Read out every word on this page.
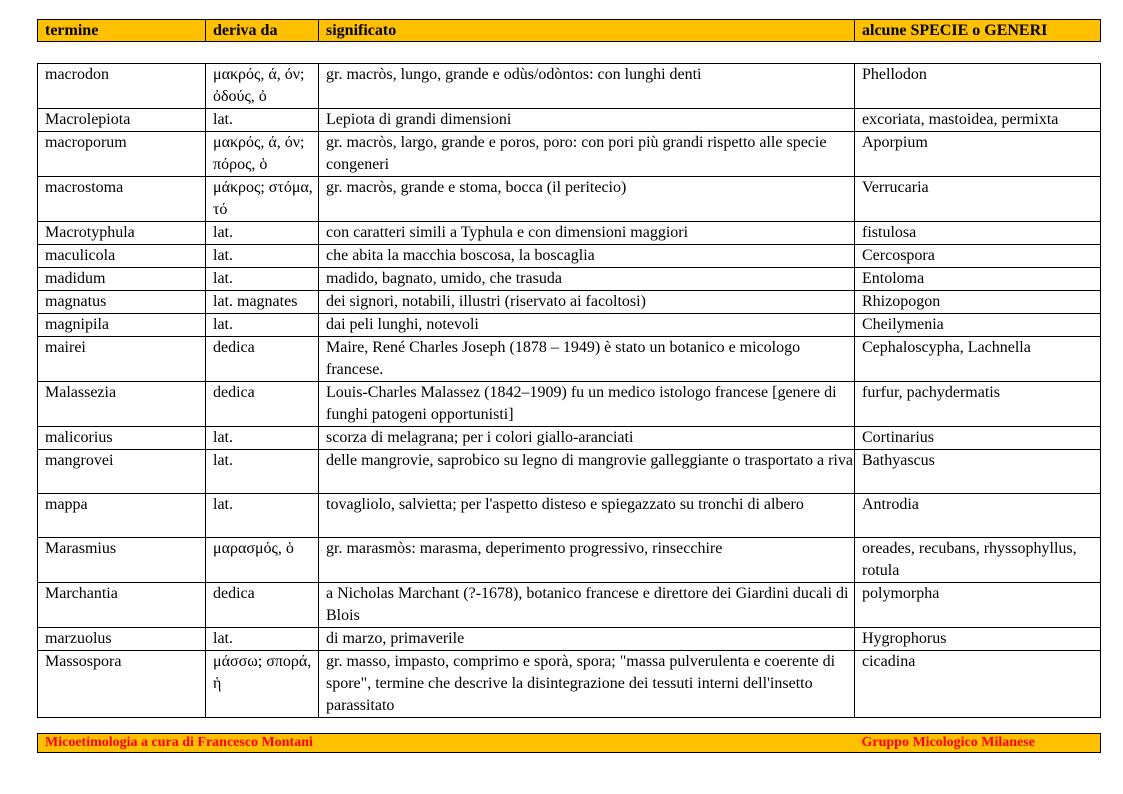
termine	deriva da	significato	alcune SPECIE o GENERI
macrodon	μακρός, ά, όν; ὀδούς, ὀ	gr. macròs, lungo, grande e odùs/odòntos: con lunghi denti	Phellodon
Macrolepiota	lat.	Lepiota di grandi dimensioni	excoriata, mastoidea, permixta
macroporum	μακρός, ά, όν; πόρος, ὁ	gr. macròs, largo, grande e poros, poro: con pori più grandi rispetto alle specie congeneri	Aporpium
macrostoma	μάκρος; στόμα, τό	gr. macròs, grande e stoma, bocca (il peritecio)	Verrucaria
Macrotyphula	lat.	con caratteri simili a Typhula e con dimensioni maggiori	fistulosa
maculicola	lat.	che abita la macchia boscosa, la boscaglia	Cercospora
madidum	lat.	madido, bagnato, umido, che trasuda	Entoloma
magnatus	lat. magnates	dei signori, notabili, illustri (riservato ai facoltosi)	Rhizopogon
magnipila	lat.	dai peli lunghi, notevoli	Cheilymenia
mairei	dedica	Maire, René Charles Joseph (1878 – 1949) è stato un botanico e micologo francese.	Cephaloscypha, Lachnella
Malassezia	dedica	Louis-Charles Malassez (1842–1909) fu un medico istologo francese [genere di funghi patogeni opportunisti]	furfur, pachydermatis
malicorius	lat.	scorza di melagrana; per i colori giallo-aranciati	Cortinarius
mangrovei	lat.	delle mangrovie, saprobico su legno di mangrovie galleggiante o trasportato a riva	Bathyascus
mappa	lat.	tovagliolo, salvietta; per l'aspetto disteso e spiegazzato su tronchi di albero	Antrodia
Marasmius	μαρασμός, ὁ	gr. marasmòs: marasma, deperimento progressivo, rinsecchire	oreades, recubans, rhyssophyllus, rotula
Marchantia	dedica	a Nicholas Marchant (?-1678), botanico francese e direttore dei Giardini ducali di Blois	polymorpha
marzuolus	lat.	di marzo, primaverile	Hygrophorus
Massospora	μάσσω; σπορά, ἡ	gr. masso, impasto, comprimo e sporà, spora; "massa pulverulenta e coerente di spore", termine che descrive la disintegrazione dei tessuti interni dell'insetto parassitato	cicadina
Micoetimologia a cura di Francesco Montani	Gruppo Micologico Milanese
